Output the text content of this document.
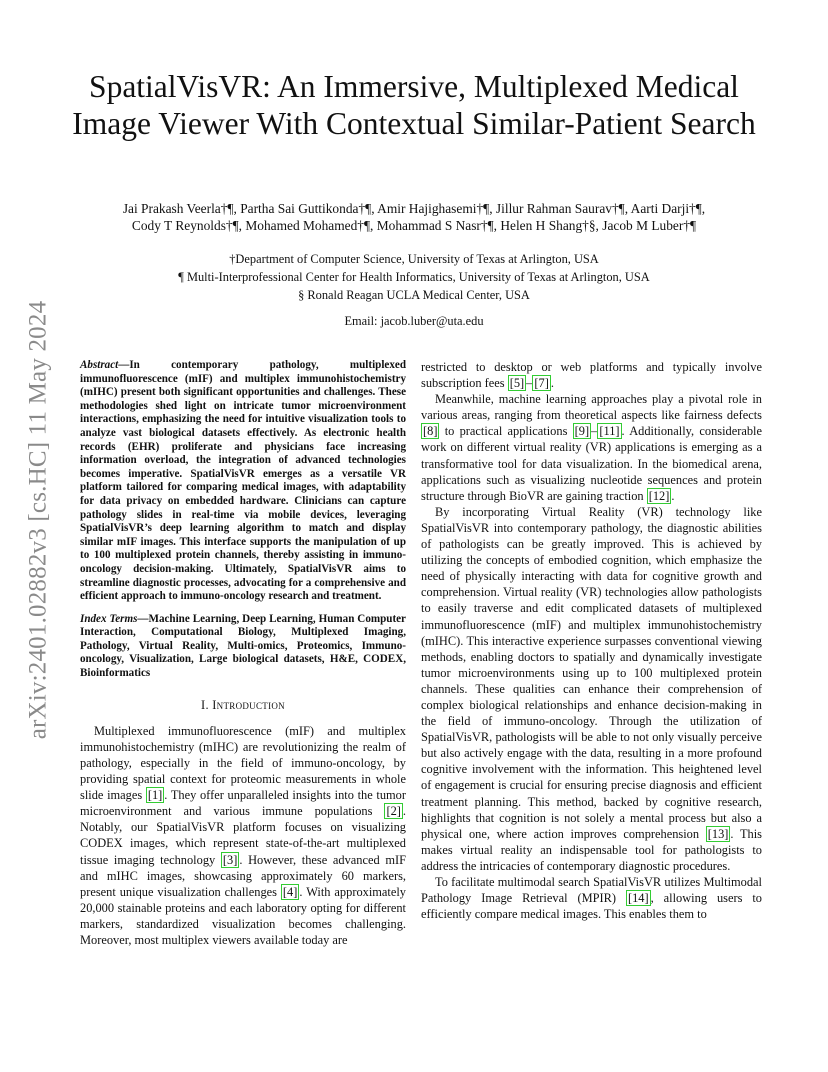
arXiv:2401.02882v3 [cs.HC] 11 May 2024
SpatialVisVR: An Immersive, Multiplexed Medical Image Viewer With Contextual Similar-Patient Search
Jai Prakash Veerla†¶, Partha Sai Guttikonda†¶, Amir Hajighasemi†¶, Jillur Rahman Saurav†¶, Aarti Darji†¶,
Cody T Reynolds†¶, Mohamed Mohamed†¶, Mohammad S Nasr†¶, Helen H Shang†§, Jacob M Luber†¶
†Department of Computer Science, University of Texas at Arlington, USA
¶ Multi-Interprofessional Center for Health Informatics, University of Texas at Arlington, USA
§ Ronald Reagan UCLA Medical Center, USA
Email: jacob.luber@uta.edu
Abstract—In contemporary pathology, multiplexed immunofluorescence (mIF) and multiplex immunohistochemistry (mIHC) present both significant opportunities and challenges. These methodologies shed light on intricate tumor microenvironment interactions, emphasizing the need for intuitive visualization tools to analyze vast biological datasets effectively. As electronic health records (EHR) proliferate and physicians face increasing information overload, the integration of advanced technologies becomes imperative. SpatialVisVR emerges as a versatile VR platform tailored for comparing medical images, with adaptability for data privacy on embedded hardware. Clinicians can capture pathology slides in real-time via mobile devices, leveraging SpatialVisVR’s deep learning algorithm to match and display similar mIF images. This interface supports the manipulation of up to 100 multiplexed protein channels, thereby assisting in immuno-oncology decision-making. Ultimately, SpatialVisVR aims to streamline diagnostic processes, advocating for a comprehensive and efficient approach to immuno-oncology research and treatment.
Index Terms—Machine Learning, Deep Learning, Human Computer Interaction, Computational Biology, Multiplexed Imaging, Pathology, Virtual Reality, Multi-omics, Proteomics, Immuno-oncology, Visualization, Large biological datasets, H&E, CODEX, Bioinformatics
I. Introduction

Multiplexed immunofluorescence (mIF) and multiplex immunohistochemistry (mIHC) are revolutionizing the realm of pathology, especially in the field of immuno-oncology, by providing spatial context for proteomic measurements in whole slide images [1] . They offer unparalleled insights into the tumor microenvironment and various immune populations [2] . Notably, our SpatialVisVR platform focuses on visualizing CODEX images, which represent state-of-the-art multiplexed tissue imaging technology [3] . However, these advanced mIF and mIHC images, showcasing approximately 60 markers, present unique visualization challenges [4] . With approximately 20,000 stainable proteins and each laboratory opting for different markers, standardized visualization becomes challenging. Moreover, most multiplex viewers available today are

restricted to desktop or web platforms and typically involve subscription fees [5] – [7] .

Meanwhile, machine learning approaches play a pivotal role in various areas, ranging from theoretical aspects like fairness defects [8] to practical applications [9] – [11] . Additionally, considerable work on different virtual reality (VR) applications is emerging as a transformative tool for data visualization. In the biomedical arena, applications such as visualizing nucleotide sequences and protein structure through BioVR are gaining traction [12] .

By incorporating Virtual Reality (VR) technology like SpatialVisVR into contemporary pathology, the diagnostic abilities of pathologists can be greatly improved. This is achieved by utilizing the concepts of embodied cognition, which emphasize the need of physically interacting with data for cognitive growth and comprehension. Virtual reality (VR) technologies allow pathologists to easily traverse and edit complicated datasets of multiplexed immunofluorescence (mIF) and multiplex immunohistochemistry (mIHC). This interactive experience surpasses conventional viewing methods, enabling doctors to spatially and dynamically investigate tumor microenvironments using up to 100 multiplexed protein channels. These qualities can enhance their comprehension of complex biological relationships and enhance decision-making in the field of immuno-oncology. Through the utilization of SpatialVisVR, pathologists will be able to not only visually perceive but also actively engage with the data, resulting in a more profound cognitive involvement with the information. This heightened level of engagement is crucial for ensuring precise diagnosis and efficient treatment planning. This method, backed by cognitive research, highlights that cognition is not solely a mental process but also a physical one, where action improves comprehension [13] . This makes virtual reality an indispensable tool for pathologists to address the intricacies of contemporary diagnostic procedures.

To facilitate multimodal search SpatialVisVR utilizes Multimodal Pathology Image Retrieval (MPIR) [14] , allowing users to efficiently compare medical images. This enables them to
